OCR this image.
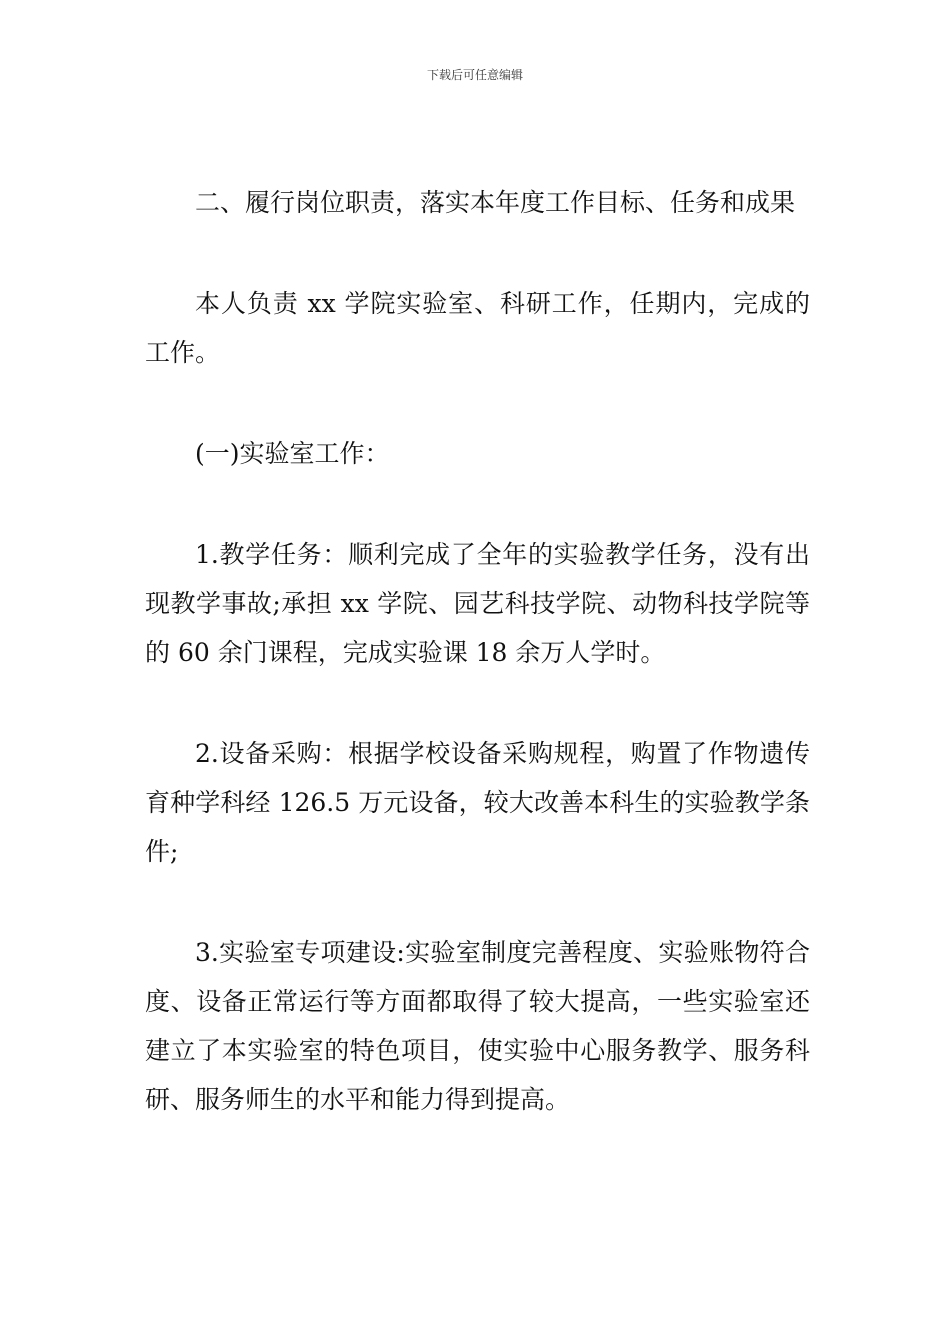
下载后可任意编辑

二、履行岗位职责，落实本年度工作目标、任务和成果

本人负责 xx 学院实验室、科研工作，任期内，完成的工作。

(一)实验室工作：

1.教学任务：顺利完成了全年的实验教学任务，没有出现教学事故;承担 xx 学院、园艺科技学院、动物科技学院等的 60 余门课程，完成实验课 18 余万人学时。

2.设备采购：根据学校设备采购规程，购置了作物遗传育种学科经 126.5 万元设备，较大改善本科生的实验教学条件;

3.实验室专项建设:实验室制度完善程度、实验账物符合度、设备正常运行等方面都取得了较大提高，一些实验室还建立了本实验室的特色项目，使实验中心服务教学、服务科研、服务师生的水平和能力得到提高。
